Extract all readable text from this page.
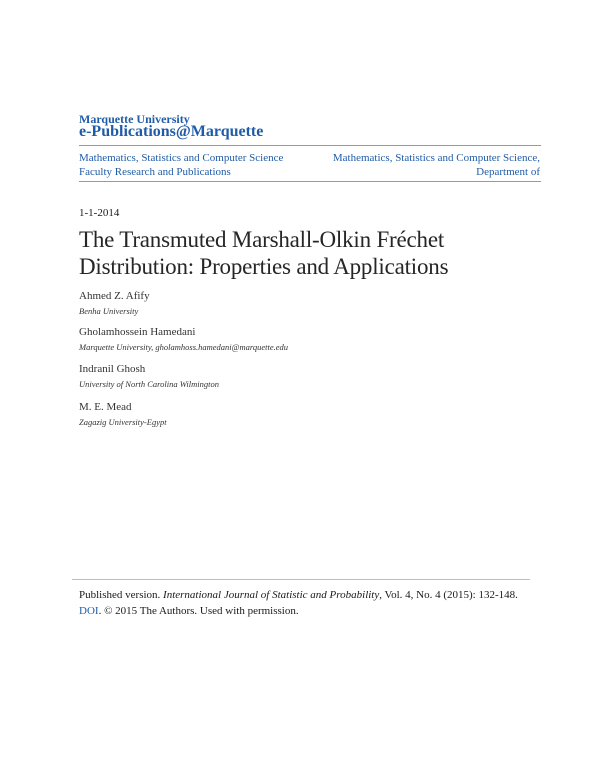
Marquette University
e-Publications@Marquette
Mathematics, Statistics and Computer Science
Faculty Research and Publications
Mathematics, Statistics and Computer Science,
Department of
1-1-2014
The Transmuted Marshall-Olkin Fréchet
Distribution: Properties and Applications
Ahmed Z. Afify
Benha University
Gholamhossein Hamedani
Marquette University, gholamhoss.hamedani@marquette.edu
Indranil Ghosh
University of North Carolina Wilmington
M. E. Mead
Zagazig University-Egypt
Published version. International Journal of Statistic and Probability, Vol. 4, No. 4 (2015): 132-148.
DOI. © 2015 The Authors. Used with permission.
